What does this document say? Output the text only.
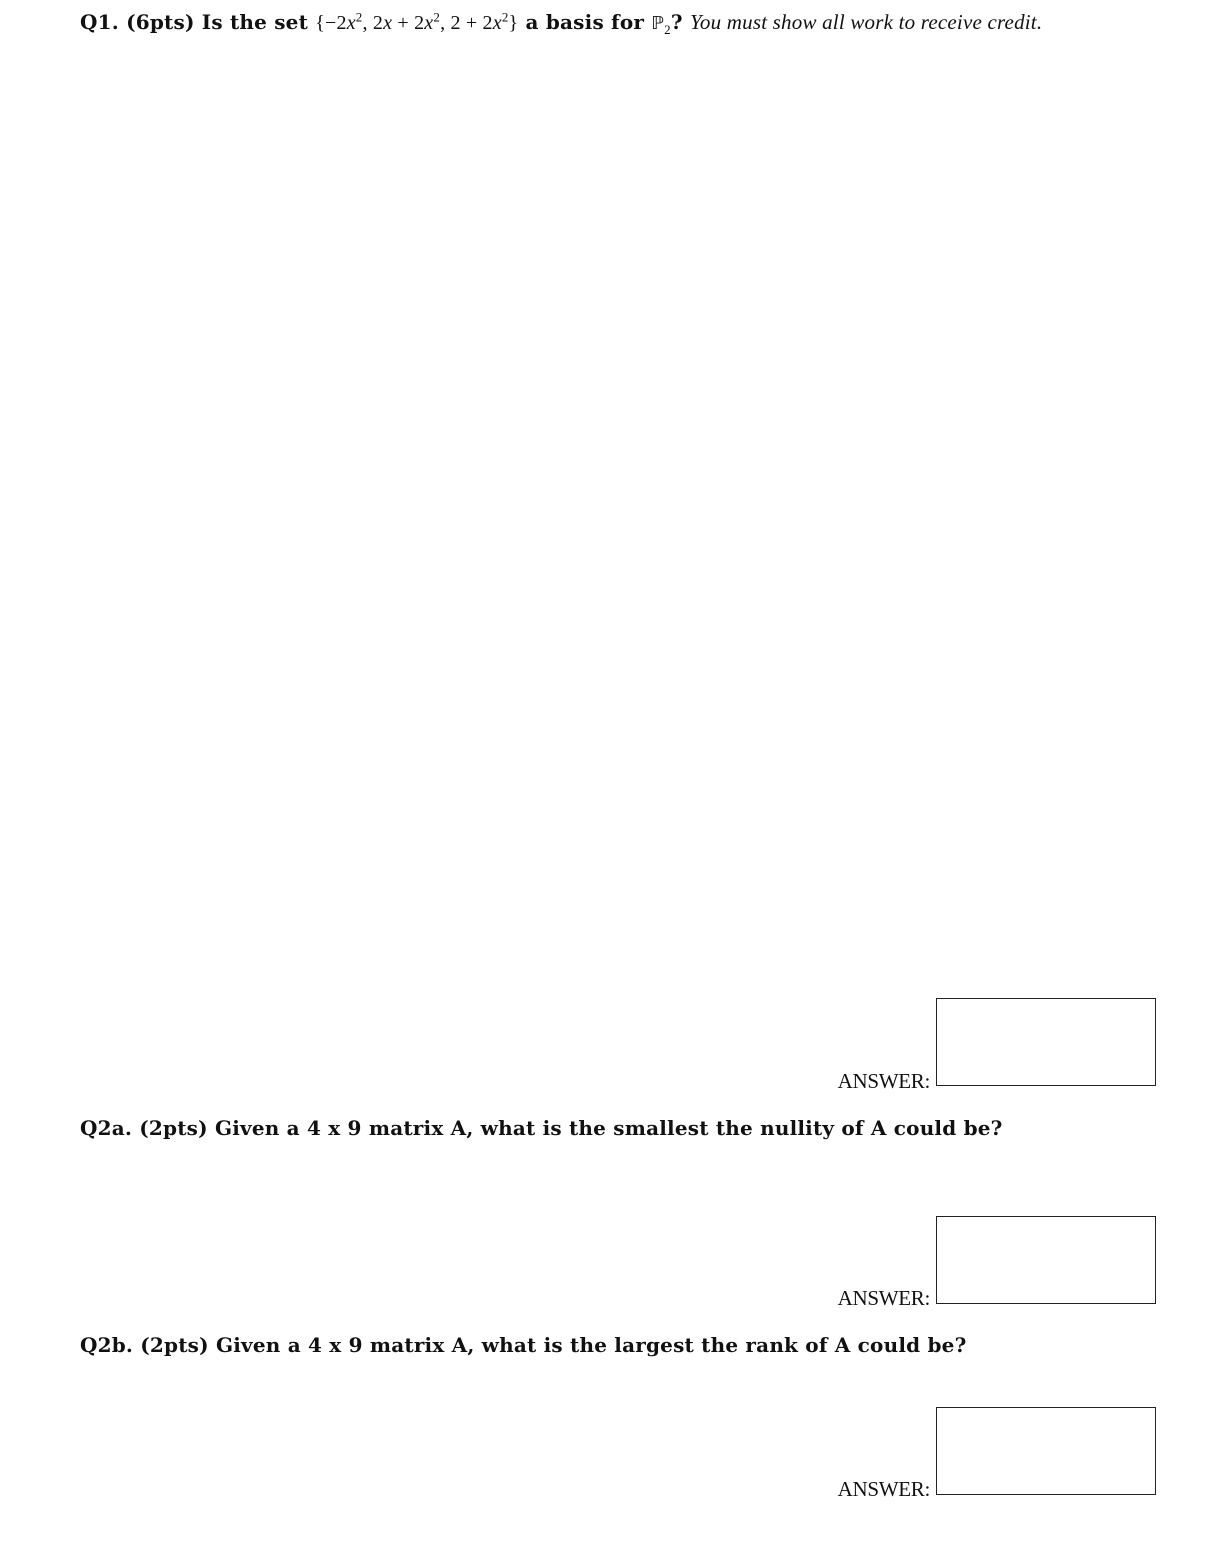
Q1. (6pts) Is the set {$-2x^2$, $2x + 2x^2$, $2 + 2x^2$} a basis for ℙ$_2$? You must show all work to receive credit.
ANSWER:
Q2a. (2pts) Given a 4 x 9 matrix A, what is the smallest the nullity of A could be?
ANSWER:
Q2b. (2pts) Given a 4 x 9 matrix A, what is the largest the rank of A could be?
ANSWER:
